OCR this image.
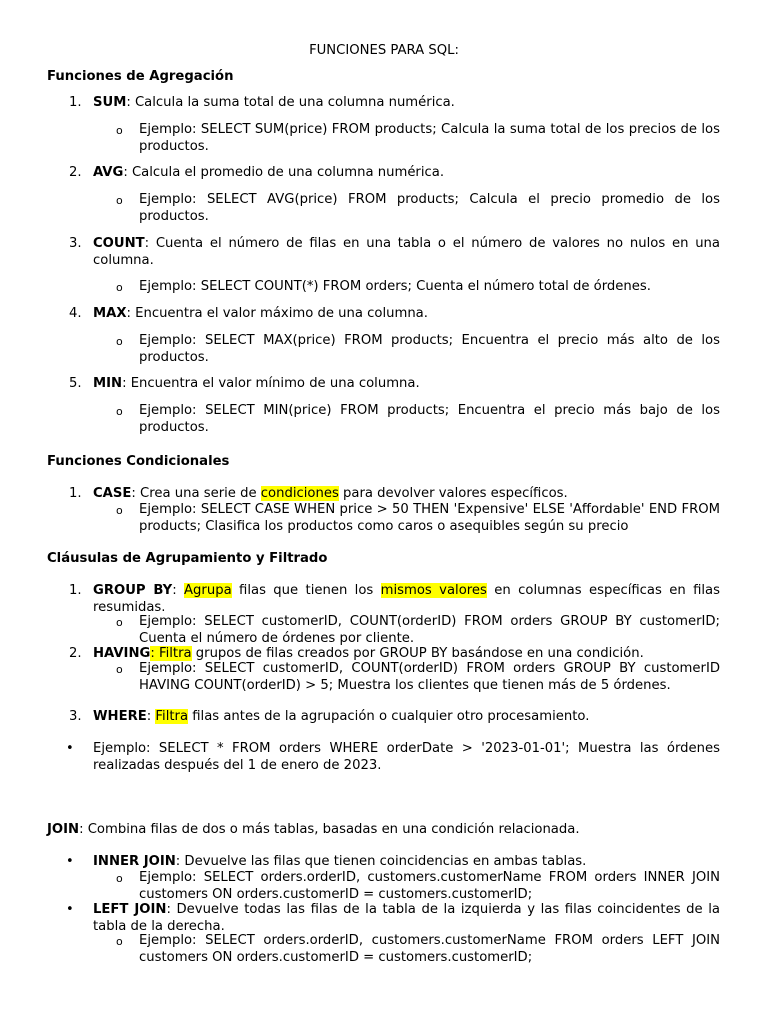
FUNCIONES PARA SQL:
Funciones de Agregación
1. SUM: Calcula la suma total de una columna numérica.
o Ejemplo: SELECT SUM(price) FROM products; Calcula la suma total de los precios de los productos.
2. AVG: Calcula el promedio de una columna numérica.
o Ejemplo: SELECT AVG(price) FROM products; Calcula el precio promedio de los productos.
3. COUNT: Cuenta el número de filas en una tabla o el número de valores no nulos en una columna.
o Ejemplo: SELECT COUNT(*) FROM orders; Cuenta el número total de órdenes.
4. MAX: Encuentra el valor máximo de una columna.
o Ejemplo: SELECT MAX(price) FROM products; Encuentra el precio más alto de los productos.
5. MIN: Encuentra el valor mínimo de una columna.
o Ejemplo: SELECT MIN(price) FROM products; Encuentra el precio más bajo de los productos.
Funciones Condicionales
1. CASE: Crea una serie de condiciones para devolver valores específicos.
o Ejemplo: SELECT CASE WHEN price > 50 THEN 'Expensive' ELSE 'Affordable' END FROM products; Clasifica los productos como caros o asequibles según su precio
Cláusulas de Agrupamiento y Filtrado
1. GROUP BY: Agrupa filas que tienen los mismos valores en columnas específicas en filas resumidas.
o Ejemplo: SELECT customerID, COUNT(orderID) FROM orders GROUP BY customerID; Cuenta el número de órdenes por cliente.
2. HAVING: Filtra grupos de filas creados por GROUP BY basándose en una condición.
o Ejemplo: SELECT customerID, COUNT(orderID) FROM orders GROUP BY customerID HAVING COUNT(orderID) > 5; Muestra los clientes que tienen más de 5 órdenes.
3. WHERE: Filtra filas antes de la agrupación o cualquier otro procesamiento.
• Ejemplo: SELECT * FROM orders WHERE orderDate > '2023-01-01'; Muestra las órdenes realizadas después del 1 de enero de 2023.
JOIN: Combina filas de dos o más tablas, basadas en una condición relacionada.
• INNER JOIN: Devuelve las filas que tienen coincidencias en ambas tablas.
o Ejemplo: SELECT orders.orderID, customers.customerName FROM orders INNER JOIN customers ON orders.customerID = customers.customerID;
• LEFT JOIN: Devuelve todas las filas de la tabla de la izquierda y las filas coincidentes de la tabla de la derecha.
o Ejemplo: SELECT orders.orderID, customers.customerName FROM orders LEFT JOIN customers ON orders.customerID = customers.customerID;
